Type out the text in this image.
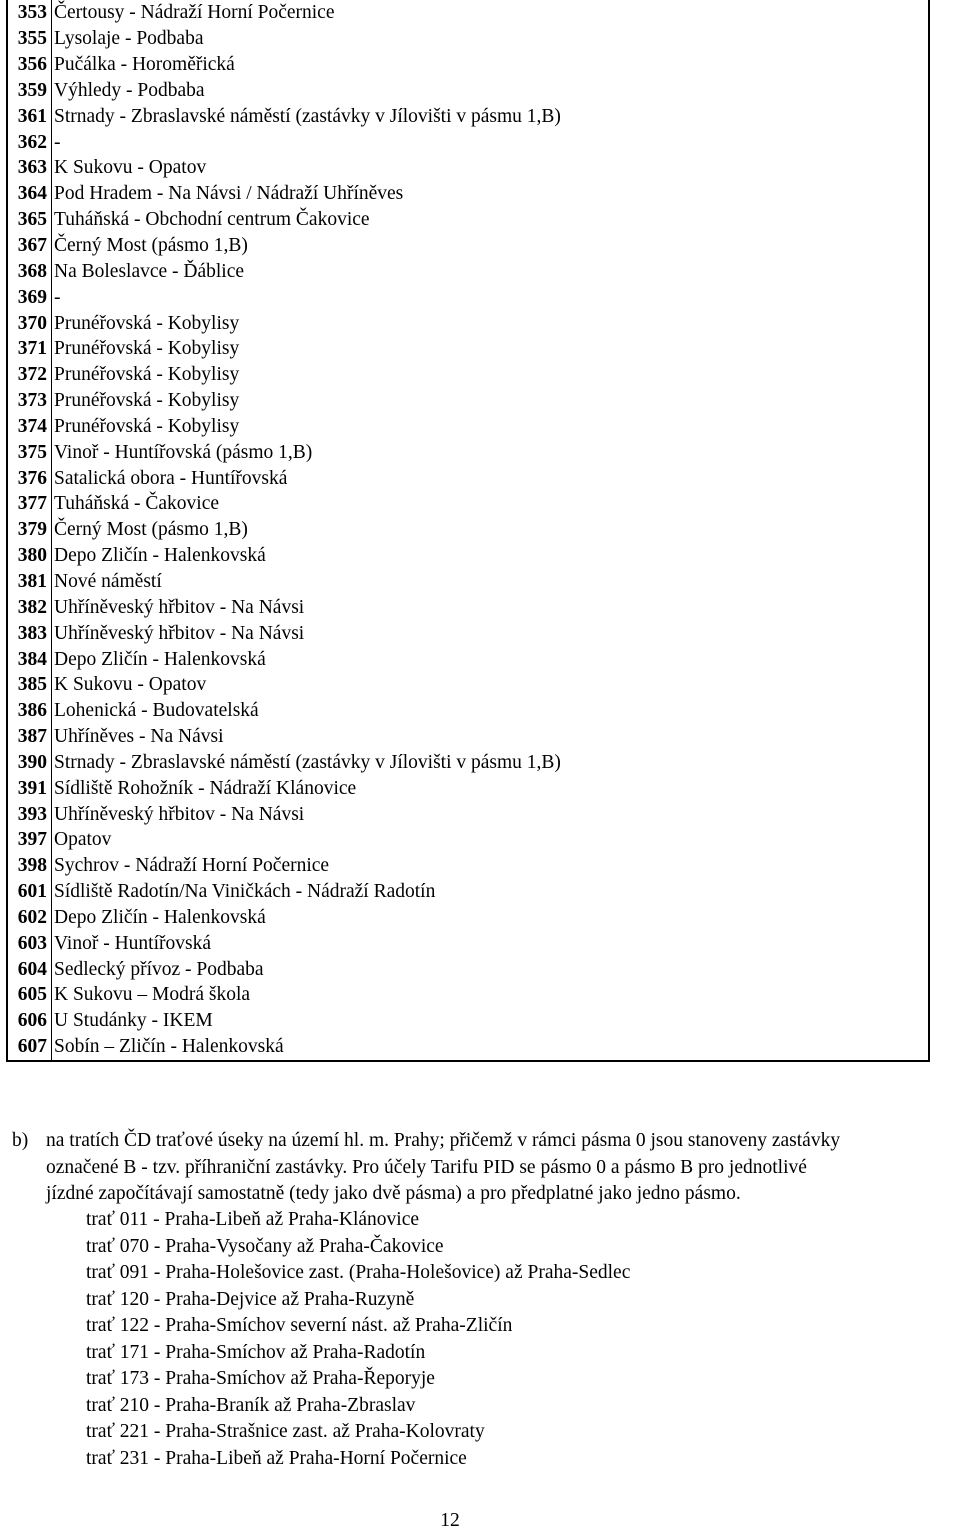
353	Čertousy - Nádraží Horní Počernice
355	Lysolaje - Podbaba
356	Pučálka - Horoměřická
359	Výhledy - Podbaba
361	Strnady - Zbraslavské náměstí (zastávky v Jílovišti v pásmu 1,B)
362	-
363	K Sukovu - Opatov
364	Pod Hradem - Na Návsi / Nádraží Uhříněves
365	Tuháňská - Obchodní centrum Čakovice
367	Černý Most (pásmo 1,B)
368	Na Boleslavce - Ďáblice
369	-
370	Prunéřovská - Kobylisy
371	Prunéřovská - Kobylisy
372	Prunéřovská - Kobylisy
373	Prunéřovská - Kobylisy
374	Prunéřovská - Kobylisy
375	Vinoř - Huntířovská (pásmo 1,B)
376	Satalická obora - Huntířovská
377	Tuháňská - Čakovice
379	Černý Most (pásmo 1,B)
380	Depo Zličín - Halenkovská
381	Nové náměstí
382	Uhříněveský hřbitov - Na Návsi
383	Uhříněveský hřbitov - Na Návsi
384	Depo Zličín - Halenkovská
385	K Sukovu - Opatov
386	Lohenická - Budovatelská
387	Uhříněves - Na Návsi
390	Strnady - Zbraslavské náměstí (zastávky v Jílovišti v pásmu 1,B)
391	Sídliště Rohožník - Nádraží Klánovice
393	Uhříněveský hřbitov - Na Návsi
397	Opatov
398	Sychrov - Nádraží Horní Počernice
601	Sídliště Radotín/Na Viničkách - Nádraží Radotín
602	Depo Zličín - Halenkovská
603	Vinoř - Huntířovská
604	Sedlecký přívoz - Podbaba
605	K Sukovu – Modrá škola
606	U Studánky - IKEM
607	Sobín – Zličín - Halenkovská
b) na tratích ČD traťové úseky na území hl. m. Prahy; přičemž v rámci pásma 0 jsou stanoveny zastávky
označené B - tzv. příhraniční zastávky. Pro účely Tarifu PID se pásmo 0 a pásmo B pro jednotlivé
jízdné započítávají samostatně (tedy jako dvě pásma) a pro předplatné jako jedno pásmo.
trať 011 - Praha-Libeň až Praha-Klánovice
trať 070 - Praha-Vysočany až Praha-Čakovice
trať 091 - Praha-Holešovice zast. (Praha-Holešovice) až Praha-Sedlec
trať 120 - Praha-Dejvice až Praha-Ruzyně
trať 122 - Praha-Smíchov severní nást. až Praha-Zličín
trať 171 - Praha-Smíchov až Praha-Radotín
trať 173 - Praha-Smíchov až Praha-Řeporyje
trať 210 - Praha-Braník až Praha-Zbraslav
trať 221 - Praha-Strašnice zast. až Praha-Kolovraty
trať 231 - Praha-Libeň až Praha-Horní Počernice
12
